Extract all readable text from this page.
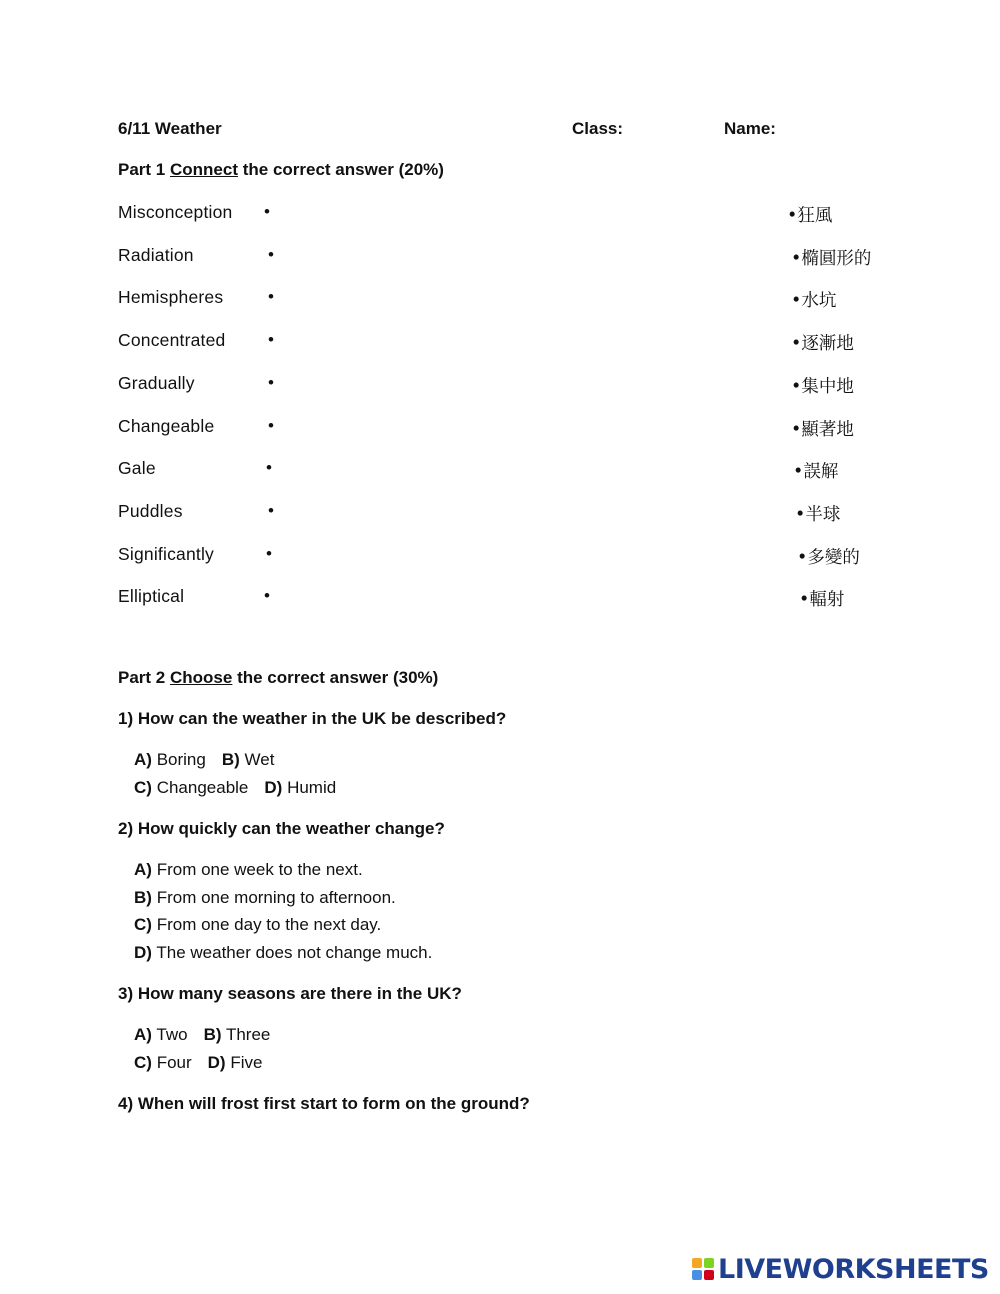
6/11 Weather	Class:	Name:
Part 1 Connect the correct answer (20%)
Misconception •	•狂風
Radiation	•	•橢圓形的
Hemispheres	•	•水坑
Concentrated	•	•逐漸地
Gradually	•	•集中地
Changeable	•	•顯著地
Gale	•	•誤解
Puddles	•	•半球
Significantly	•	•多變的
Elliptical	•	•輻射
Part 2 Choose the correct answer (30%)
1) How can the weather in the UK be described?
A) Boring B) Wet
C) Changeable D) Humid
2) How quickly can the weather change?
A) From one week to the next.
B) From one morning to afternoon.
C) From one day to the next day.
D) The weather does not change much.
3) How many seasons are there in the UK?
A) Two B) Three
C) Four D) Five
4) When will frost first start to form on the ground?
LIVEWORKSHEETS
